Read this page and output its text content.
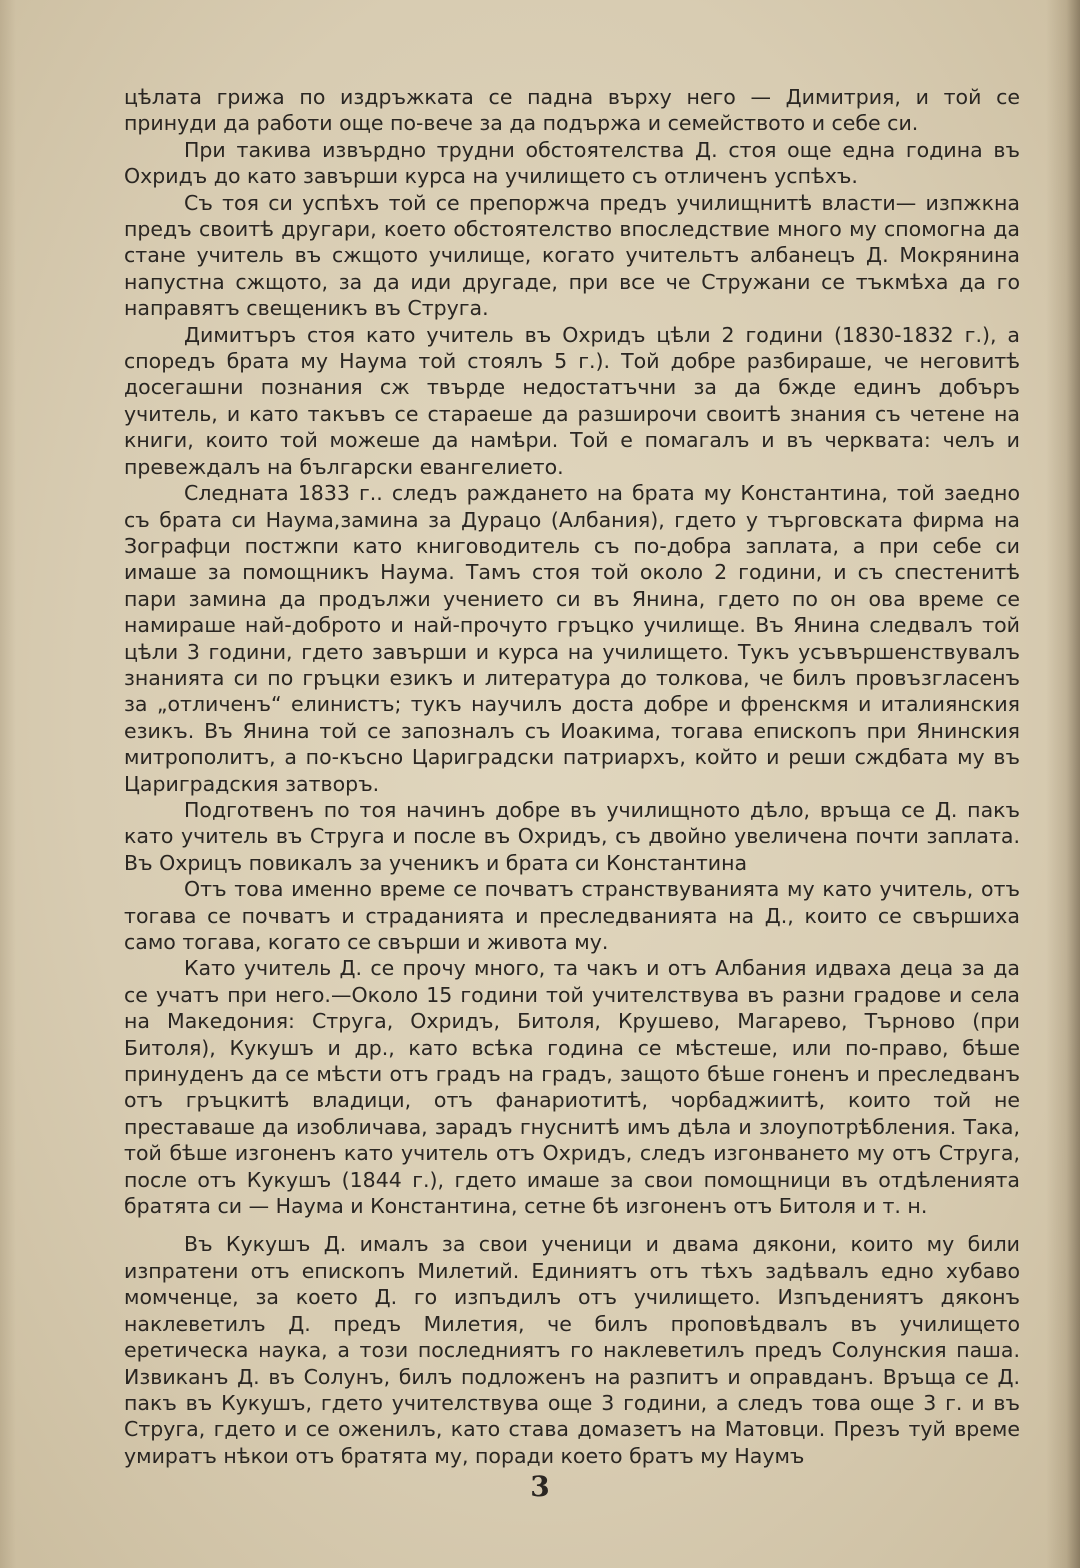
цѣлата грижа по издръжката се падна върху него — Димитрия, и той се принуди да работи още по-вече за да подържа и семейството и себе си.

При такива извърдно трудни обстоятелства Д. стоя още една година въ Охридъ до като завърши курса на училището съ отличенъ успѣхъ.

Съ тоя си успѣхъ той се препоржча предъ училищнитѣ власти— изпжкна предъ своитѣ другари, което обстоятелство впоследствие много му спомогна да стане учитель въ сжщото училище, когато учительтъ албанецъ Д. Мокрянина напустна сжщото, за да иди другаде, при все че Стружани се тъкмѣха да го направятъ свещеникъ въ Струга.

Димитъръ стоя като учитель въ Охридъ цѣли 2 години (1830-1832 г.), а споредъ брата му Наума той стоялъ 5 г.). Той добре разбираше, че неговитѣ досегашни познания сж твърде недостатъчни за да бжде единъ добъръ учитель, и като такъвъ се стараеше да разширочи своитѣ знания съ четене на книги, които той можеше да намѣри. Той е помагалъ и въ черквата: челъ и превеждалъ на български евангелието.

Следната 1833 г.. следъ раждането на брата му Константина, той заедно съ брата си Наума,замина за Дурацо (Албания), гдето у търговската фирма на Зографци постжпи като книговодитель съ по-добра заплата, а при себе си имаше за помощникъ Наума. Тамъ стоя той около 2 години, и съ спестенитѣ пари замина да продължи учението си въ Янина, гдето по он ова време се намираше най-доброто и най-прочуто гръцко училище. Въ Янина следвалъ той цѣли 3 години, гдето завърши и курса на училището. Тукъ усъвършенствувалъ знанията си по гръцки езикъ и литература до толкова, че билъ провъзгласенъ за „отличенъ“ елинистъ; тукъ научилъ доста добре и френскмя и италиянския езикъ. Въ Янина той се запозналъ съ Иоакима, тогава епископъ при Янинския митрополитъ, а по-късно Цариградски патриархъ, който и реши сждбата му въ Цариградския затворъ.

Подготвенъ по тоя начинъ добре въ училищното дѣло, връща се Д. пакъ като учитель въ Струга и после въ Охридъ, съ двойно увеличена почти заплата. Въ Охрицъ повикалъ за ученикъ и брата си Константина

Отъ това именно време се почватъ странствуванията му като учитель, отъ тогава се почватъ и страданията и преследванията на Д., които се свършиха само тогава, когато се свърши и живота му.

Като учитель Д. се прочу много, та чакъ и отъ Албания идваха деца за да се учатъ при него.—Около 15 години той учителствува въ разни градове и села на Македония: Струга, Охридъ, Битоля, Крушево, Магарево, Търново (при Битоля), Кукушъ и др., като всѣка година се мѣстеше, или по-право, бѣше принуденъ да се мѣсти отъ градъ на градъ, защото бѣше гоненъ и преследванъ отъ гръцкитѣ владици, отъ фанариотитѣ, чорбаджиитѣ, които той не преставаше да изобличава, зарадъ гнуснитѣ имъ дѣла и злоупотрѣбления. Така, той бѣше изгоненъ като учитель отъ Охридъ, следъ изгонването му отъ Струга, после отъ Кукушъ (1844 г.), гдето имаше за свои помощници въ отдѣленията братята си — Наума и Константина, сетне бѣ изгоненъ отъ Битоля и т. н.

Въ Кукушъ Д. ималъ за свои ученици и двама дякони, които му били изпратени отъ епископъ Милетий. Единиятъ отъ тѣхъ задѣвалъ едно хубаво момченце, за което Д. го изпъдилъ отъ училището. Изпъдениятъ дяконъ наклеветилъ Д. предъ Милетия, че билъ проповѣдвалъ въ училището еретическа наука, а този последниятъ го наклеветилъ предъ Солунския паша. Извиканъ Д. въ Солунъ, билъ подложенъ на разпитъ и оправданъ. Връща се Д. пакъ въ Кукушъ, гдето учителствува още 3 години, а следъ това още 3 г. и въ Струга, гдето и се оженилъ, като става домазетъ на Матовци. Презъ туй време умиратъ нѣкои отъ братята му, поради което братъ му Наумъ

3
